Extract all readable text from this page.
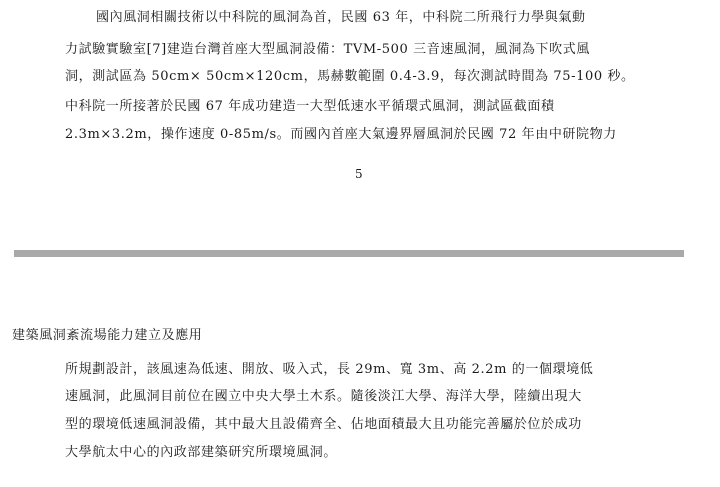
國內風洞相關技術以中科院的風洞為首，民國 63 年，中科院二所飛行力學與氣動
力試驗實驗室[7]建造台灣首座大型風洞設備：TVM-500 三音速風洞，風洞為下吹式風
洞，測試區為 50cm× 50cm×120cm，馬赫數範圍 0.4-3.9，每次測試時間為 75-100 秒。
中科院一所接著於民國 67 年成功建造一大型低速水平循環式風洞，測試區截面積
2.3m×3.2m，操作速度 0-85m/s。而國內首座大氣邊界層風洞於民國 72 年由中研院物力
5
建築風洞紊流場能力建立及應用
所規劃設計，該風速為低速、開放、吸入式，長 29m、寬 3m、高 2.2m 的一個環境低
速風洞，此風洞目前位在國立中央大學土木系。隨後淡江大學、海洋大學，陸續出現大
型的環境低速風洞設備，其中最大且設備齊全、佔地面積最大且功能完善屬於位於成功
大學航太中心的內政部建築研究所環境風洞。
